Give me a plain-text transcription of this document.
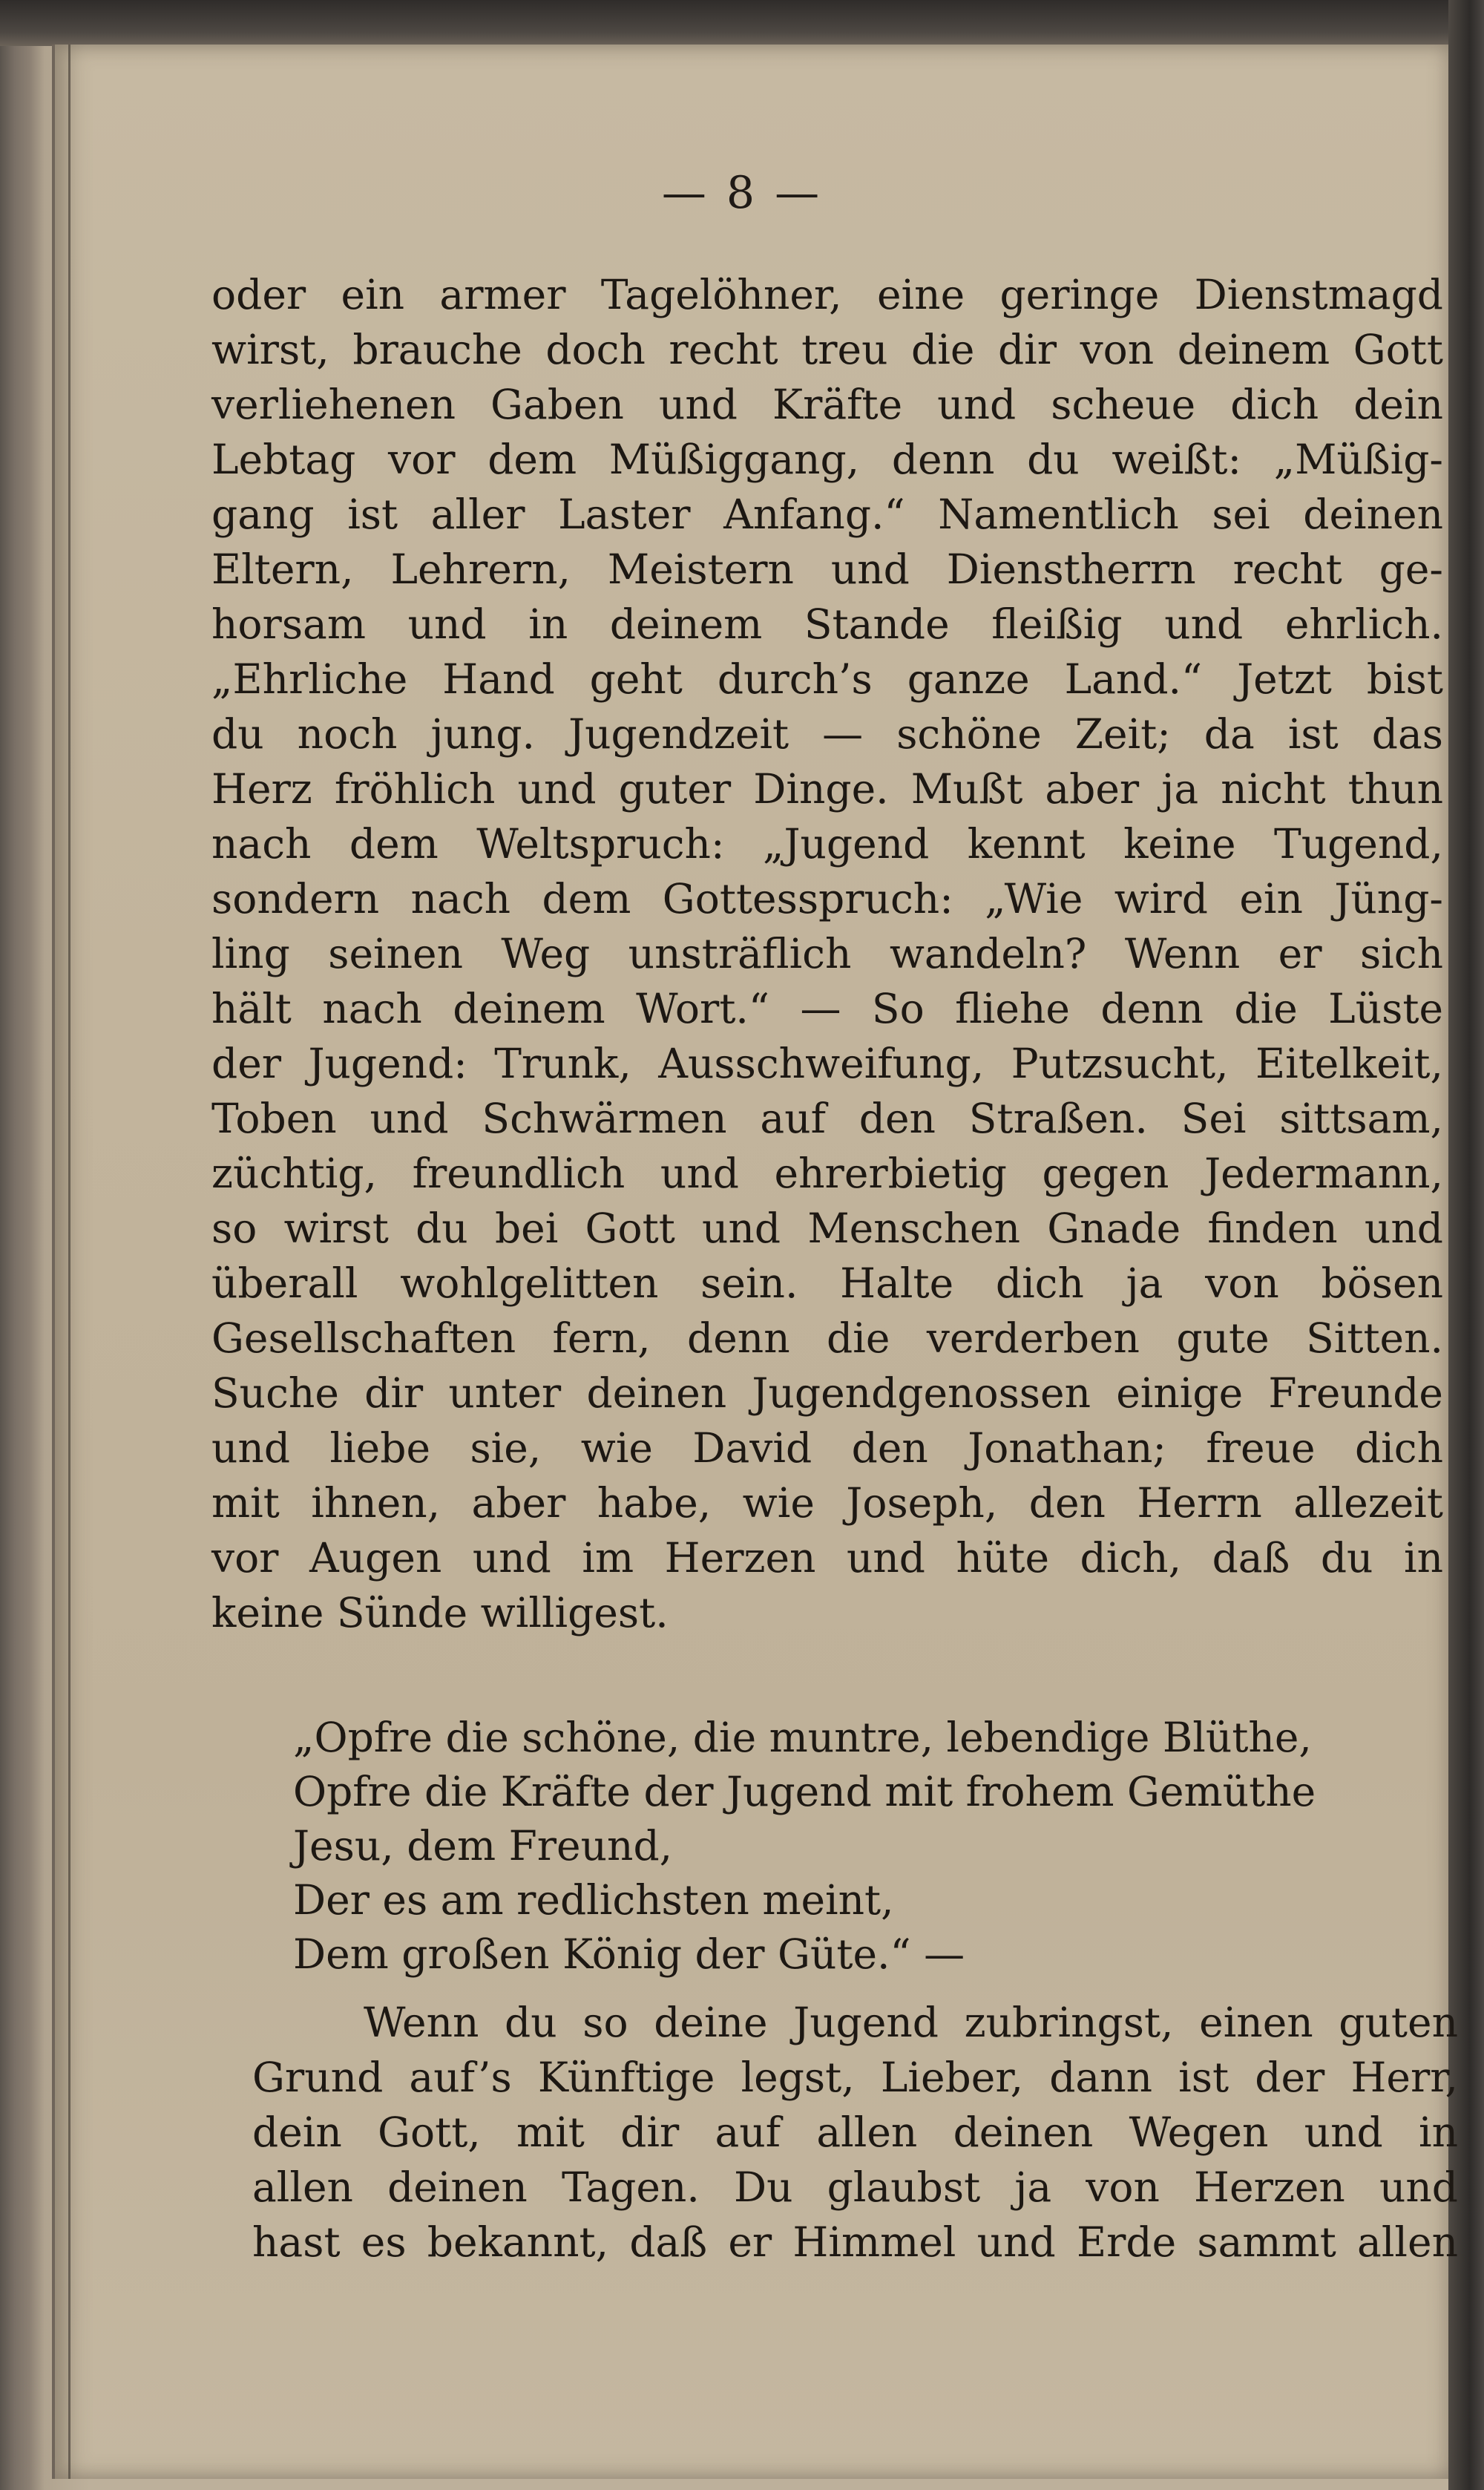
— 8 —
oder ein armer Tagelöhner, eine geringe Dienstmagd
wirst, brauche doch recht treu die dir von deinem Gott
verliehenen Gaben und Kräfte und scheue dich dein
Lebtag vor dem Müßiggang, denn du weißt: „Müßig-
gang ist aller Laster Anfang.“ Namentlich sei deinen
Eltern, Lehrern, Meistern und Dienstherrn recht ge-
horsam und in deinem Stande fleißig und ehrlich.
„Ehrliche Hand geht durch’s ganze Land.“ Jetzt bist
du noch jung. Jugendzeit — schöne Zeit; da ist das
Herz fröhlich und guter Dinge. Mußt aber ja nicht thun
nach dem Weltspruch: „Jugend kennt keine Tugend,
sondern nach dem Gottesspruch: „Wie wird ein Jüng-
ling seinen Weg unsträflich wandeln? Wenn er sich
hält nach deinem Wort.“ — So fliehe denn die Lüste
der Jugend: Trunk, Ausschweifung, Putzsucht, Eitelkeit,
Toben und Schwärmen auf den Straßen. Sei sittsam,
züchtig, freundlich und ehrerbietig gegen Jedermann,
so wirst du bei Gott und Menschen Gnade finden und
überall wohlgelitten sein. Halte dich ja von bösen
Gesellschaften fern, denn die verderben gute Sitten.
Suche dir unter deinen Jugendgenossen einige Freunde
und liebe sie, wie David den Jonathan; freue dich
mit ihnen, aber habe, wie Joseph, den Herrn allezeit
vor Augen und im Herzen und hüte dich, daß du in
keine Sünde willigest.
„Opfre die schöne, die muntre, lebendige Blüthe,
Opfre die Kräfte der Jugend mit frohem Gemüthe
Jesu, dem Freund,
Der es am redlichsten meint,
Dem großen König der Güte.“ —
Wenn du so deine Jugend zubringst, einen guten
Grund auf’s Künftige legst, Lieber, dann ist der Herr,
dein Gott, mit dir auf allen deinen Wegen und in
allen deinen Tagen. Du glaubst ja von Herzen und
hast es bekannt, daß er Himmel und Erde sammt allen
